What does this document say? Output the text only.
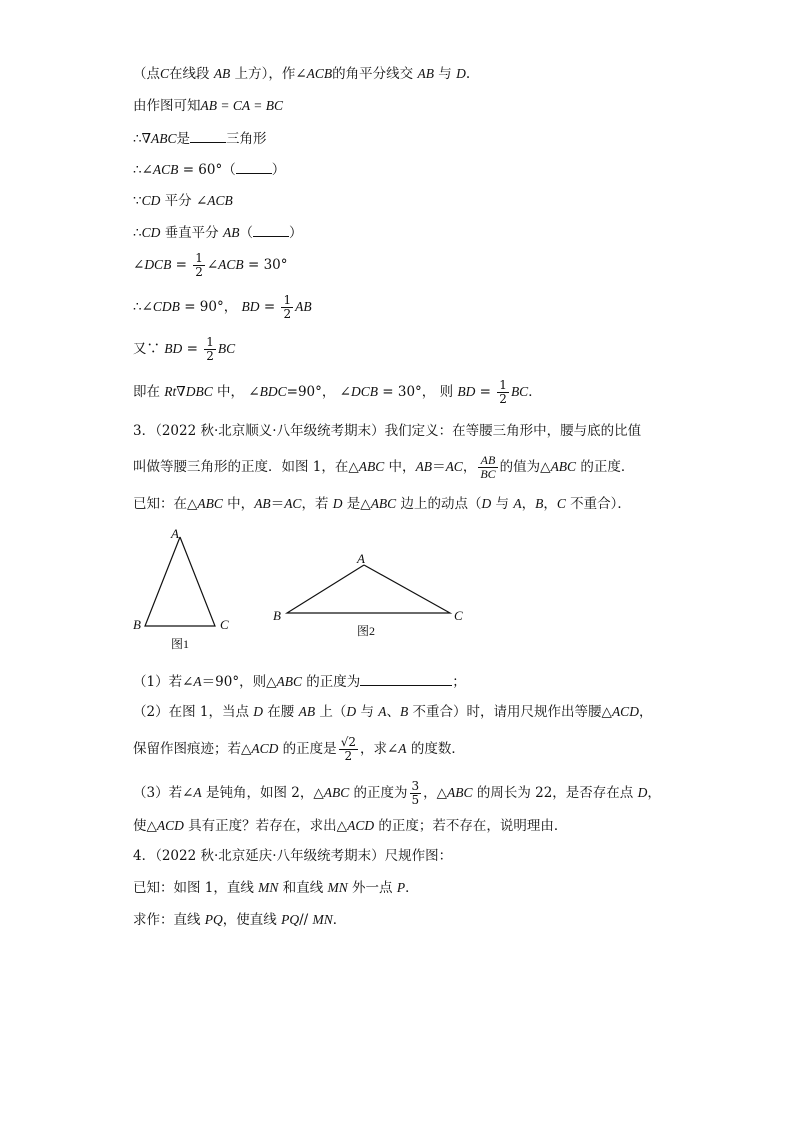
（点C在线段 AB 上方），作∠ACB的角平分线交 AB 与 D.
由作图可知AB = CA = BC
∴∇ABC是	三角形
∴∠ACB = 60°（	）
∵CD 平分 ∠ACB
∴CD 垂直平分 AB（	）
∠DCB = $\frac{1}{2}$ ∠ACB = 30°
∴∠CDB = 90°， BD = $\frac{1}{2}$ AB
又∵ BD = $\frac{1}{2}$ BC
即在 Rt∇DBC 中， ∠BDC=90°， ∠DCB = 30°， 则 BD = $\frac{1}{2}$ BC．
3．（2022 秋·北京顺义·八年级统考期末）我们定义：在等腰三角形中，腰与底的比值
叫做等腰三角形的正度．如图 1，在△ABC 中，AB＝AC， $\frac{AB}{BC}$ 的值为△ABC 的正度．
已知：在△ABC 中，AB＝AC，若 D 是△ABC 边上的动点（D 与 A，B，C 不重合）．
A
B	C
图1
A
B	C
图2
（1）若∠A＝90°，则△ABC 的正度为	；
（2）在图 1，当点 D 在腰 AB 上（D 与 A、B 不重合）时，请用尺规作出等腰△ACD，
保留作图痕迹；若△ACD 的正度是 $\frac{√2}{2}$ ，求∠A 的度数．
（3）若∠A 是钝角，如图 2，△ABC 的正度为 $\frac{3}{5}$ ，△ABC 的周长为 22，是否存在点 D，
使△ACD 具有正度？若存在，求出△ACD 的正度；若不存在，说明理由．
4．（2022 秋·北京延庆·八年级统考期末）尺规作图：
已知：如图 1，直线 MN 和直线 MN 外一点 P．
求作：直线 PQ，使直线 PQ// MN．
